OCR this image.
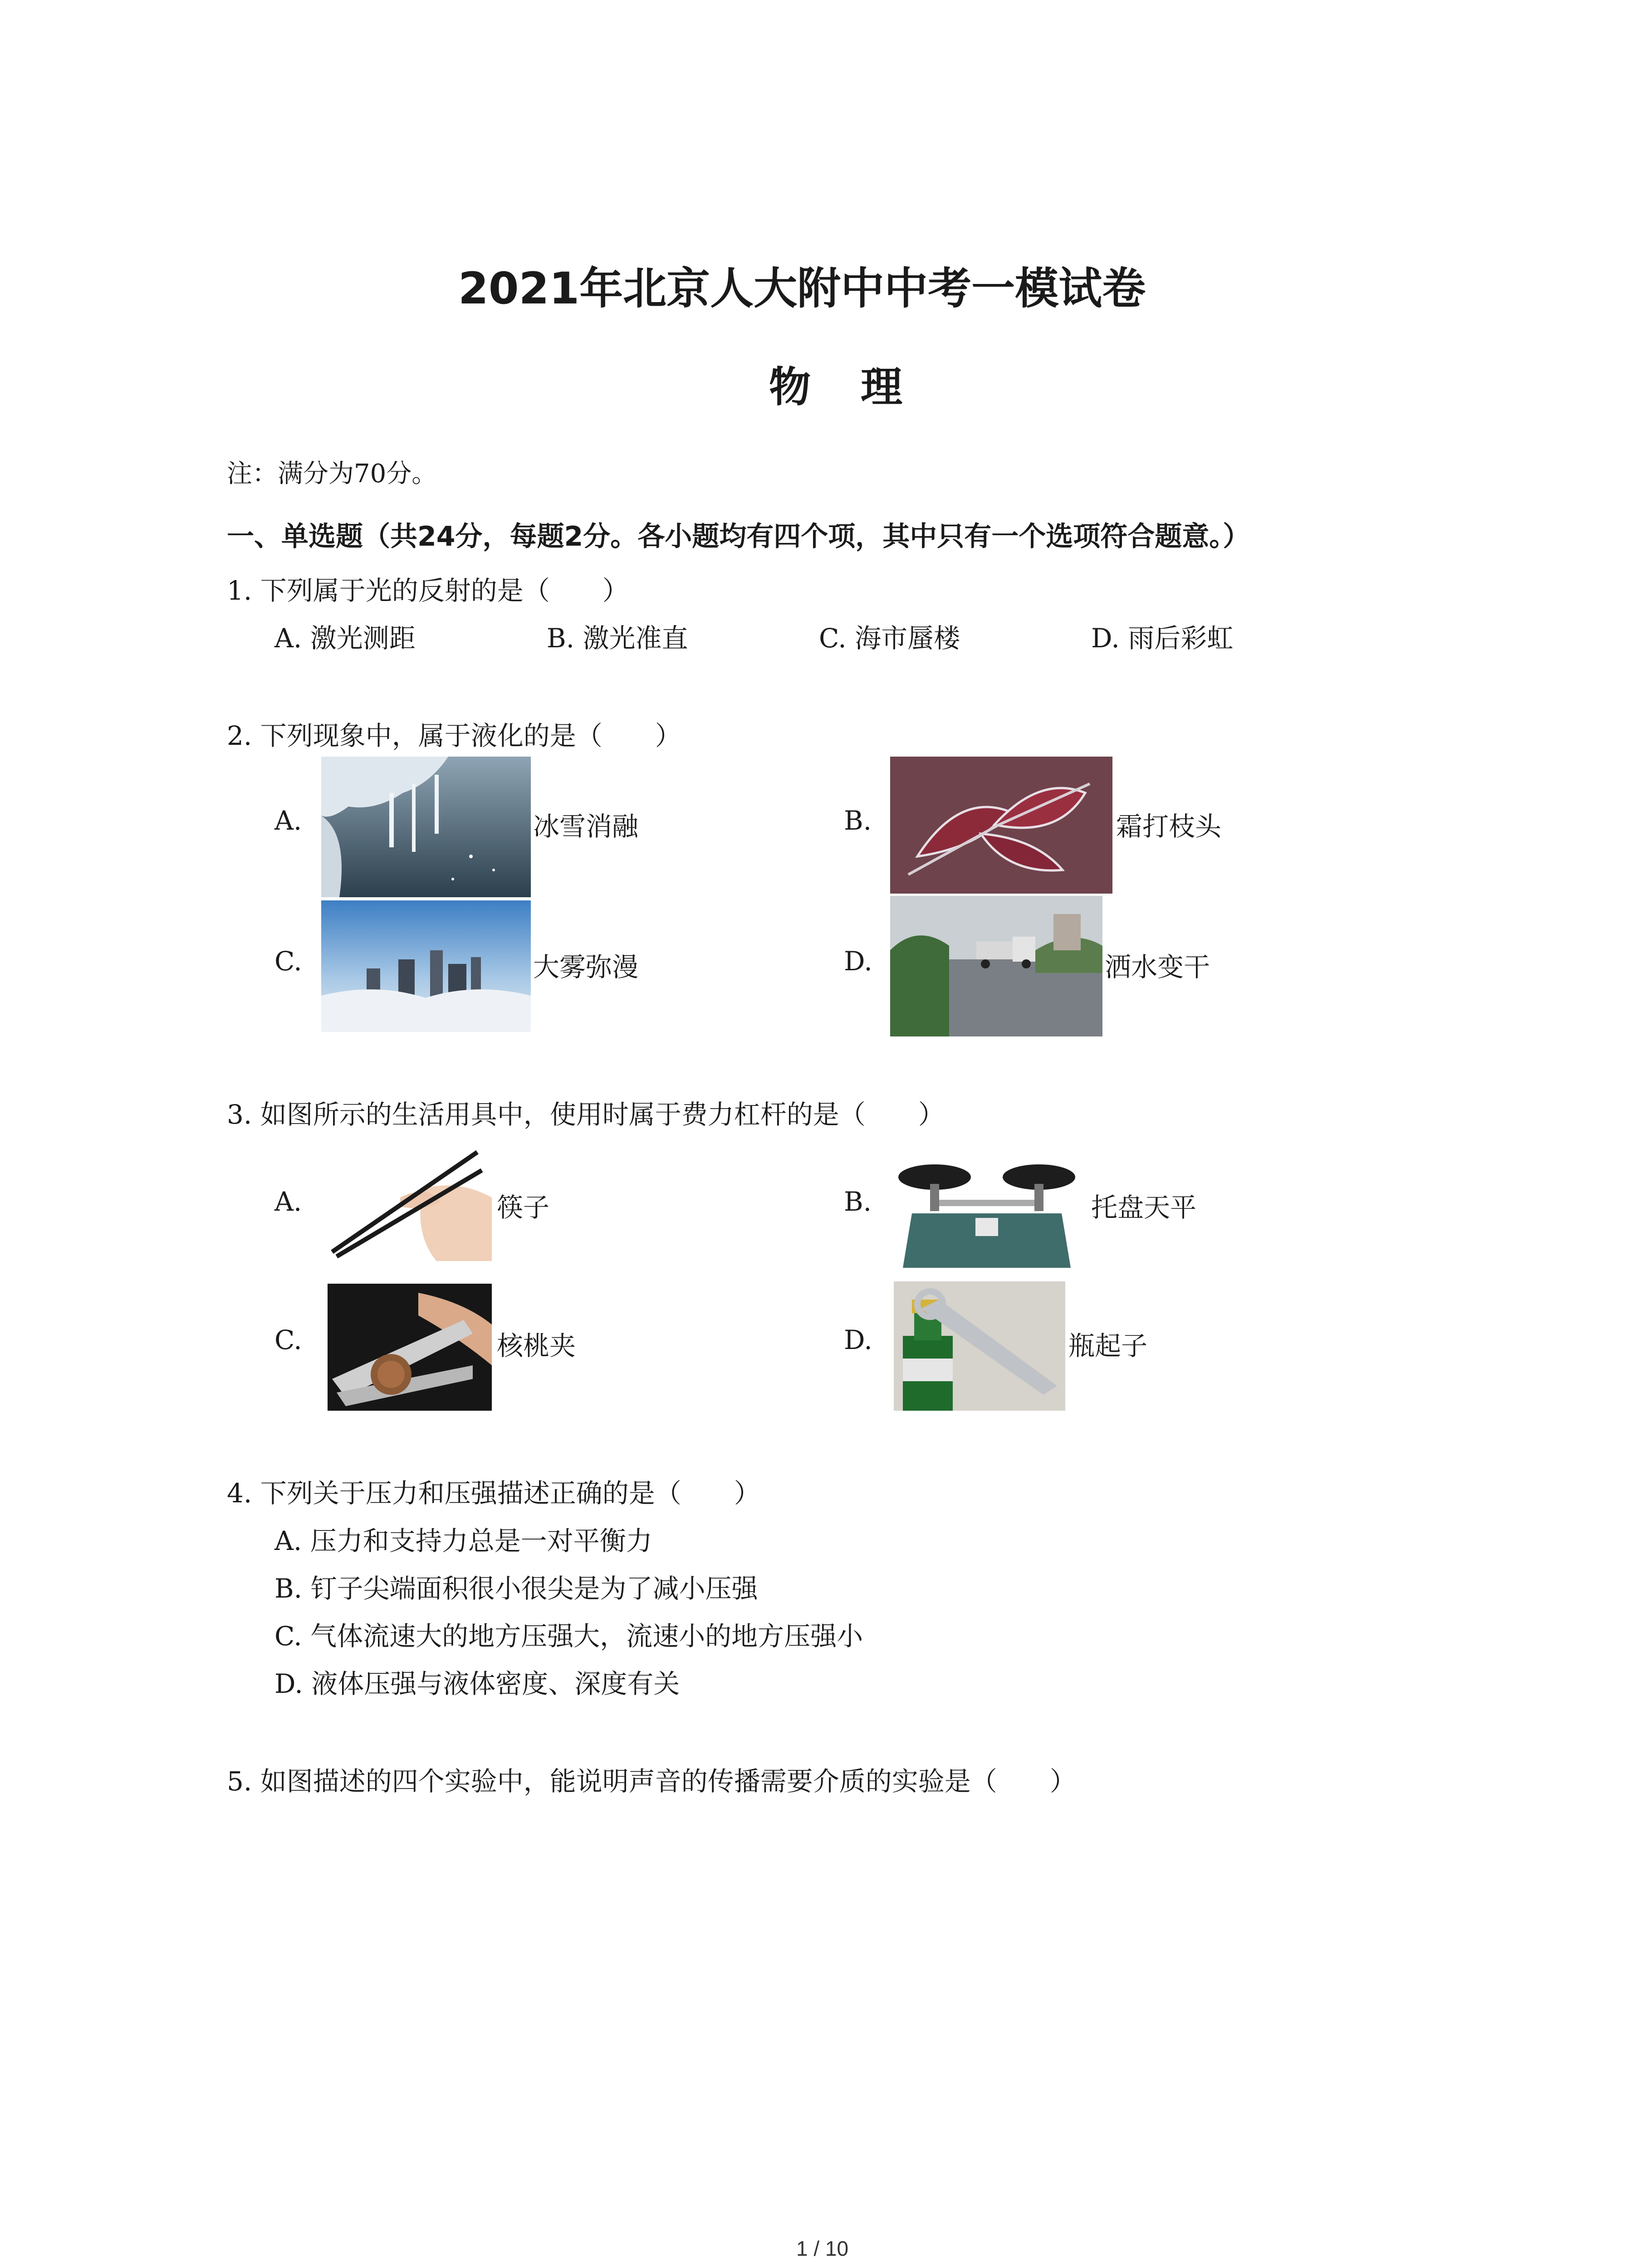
2021年北京人大附中中考一模试卷
物理
注：满分为70分。
一、单选题（共24分，每题2分。各小题均有四个项，其中只有一个选项符合题意。）
1. 下列属于光的反射的是（　　）
A. 激光测距	B. 激光准直	C. 海市蜃楼	D. 雨后彩虹
2. 下列现象中，属于液化的是（　　）
A.	冰雪消融	B.	霜打枝头
C.	大雾弥漫	D.	洒水变干
3. 如图所示的生活用具中，使用时属于费力杠杆的是（　　）
A.	筷子	B.	托盘天平
C.	核桃夹	D.	瓶起子
4. 下列关于压力和压强描述正确的是（　　）
A. 压力和支持力总是一对平衡力
B. 钉子尖端面积很小很尖是为了减小压强
C. 气体流速大的地方压强大，流速小的地方压强小
D. 液体压强与液体密度、深度有关
5. 如图描述的四个实验中，能说明声音的传播需要介质的实验是（　　）
1 / 10
